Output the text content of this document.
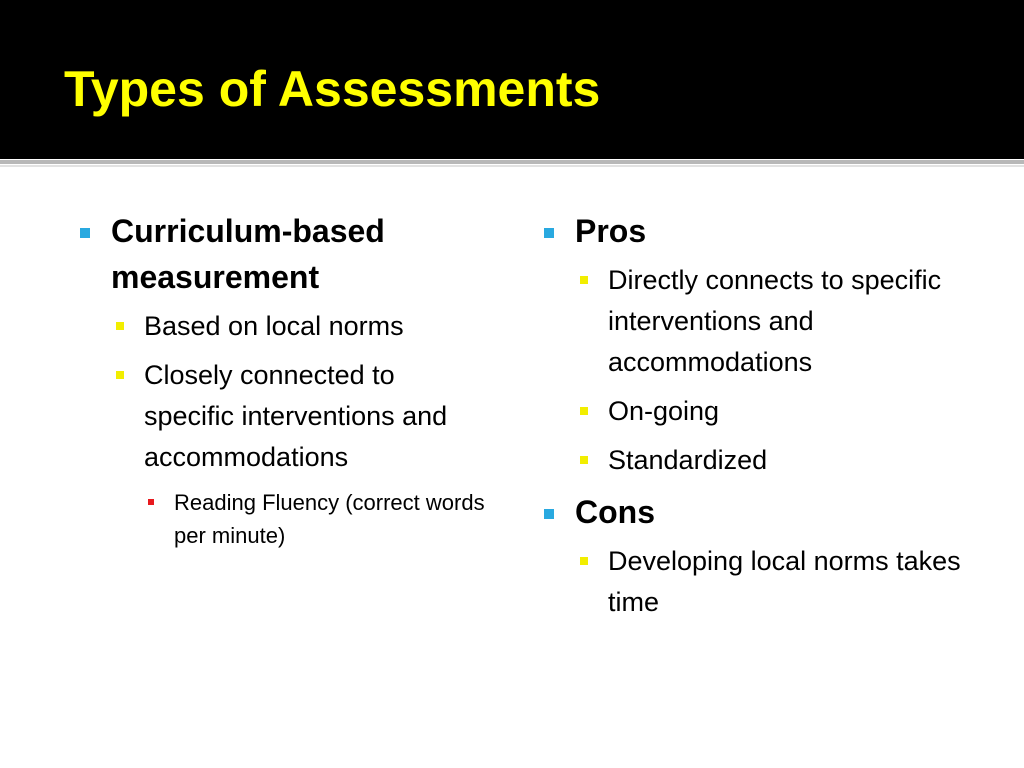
Types of Assessments
Curriculum-based measurement
Based on local norms
Closely connected to specific interventions and accommodations
Reading Fluency (correct words per minute)
Pros
Directly connects to specific interventions and accommodations
On-going
Standardized
Cons
Developing local norms takes time
